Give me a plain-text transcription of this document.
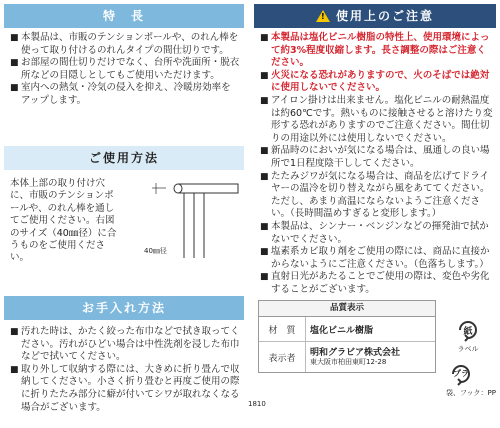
特　長
■ 本製品は、市販のテンションポールや、のれん棒を使って取り付けるのれんタイプの間仕切りです。
■ お部屋の間仕切りだけでなく、台所や洗面所・脱衣所などの目隠しとしてもご使用いただけます。
■ 室内への熱気・冷気の侵入を抑え、冷暖房効率をアップします。
ご使用方法
本体上部の取り付け穴に、市販のテンションポールや、のれん棒を通してご使用ください。右図のサイズ（40㎜径）に合うものをご使用ください。
40㎜径
お手入れ方法
■ 汚れた時は、かたく絞った布巾などで拭き取ってください。汚れがひどい場合は中性洗剤を浸した布巾などで拭いてください。
■ 取り外して収納する際には、大きめに折り畳んで収納してください。小さく折り畳むと再度ご使用の際に折りたたみ部分に癖が付いてシワが取れなくなる場合がございます。
! 使用上のご注意
■ 本製品は塩化ビニル樹脂の特性上、使用環境によって約3%程度収縮します。長さ調整の際はご注意ください。
■ 火災になる恐れがありますので、火のそばでは絶対に使用しないでください。
■ アイロン掛けは出来ません。塩化ビニルの耐熱温度は約60℃です。熱いものに接触させると溶けたり変形する恐れがありますのでご注意ください。間仕切りの用途以外には使用しないでください。
■ 新品時のにおいが気になる場合は、風通しの良い場所で1日程度陰干ししてください。
■ たたみジワが気になる場合は、商品を広げてドライヤーの温冷を切り替えながら風をあててください。ただし、あまり高温にならないようご注意ください。（長時間温めすぎると変形します。）
■ 本製品は、シンナー・ベンジンなどの揮発油で拭かないでください。
■ 塩素系カビ取り剤をご使用の際には、商品に直接かからないようにご注意ください。（色落ちします。）
■ 直射日光があたることでご使用の際は、変色や劣化することがございます。
品質表示
材　質	塩化ビニル樹脂
表示者
明和グラビア株式会社
東大阪市柏田東町12-28
紙
ラベル
プラ
袋、フック：PP
1810
